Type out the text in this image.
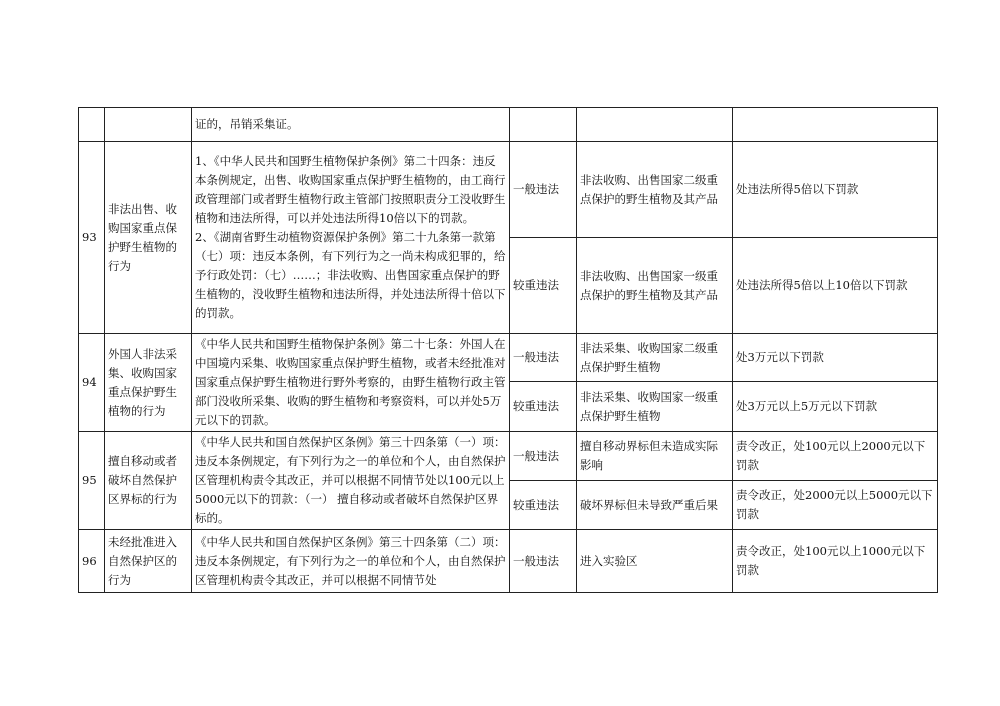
		证的，吊销采集证。			
93	非法出售、收购国家重点保护野生植物的行为	1、《中华人民共和国野生植物保护条例》第二十四条：违反本条例规定，出售、收购国家重点保护野生植物的，由工商行政管理部门或者野生植物行政主管部门按照职责分工没收野生植物和违法所得，可以并处违法所得10倍以下的罚款。
2、《湖南省野生动植物资源保护条例》第二十九条第一款第（七）项：违反本条例，有下列行为之一尚未构成犯罪的，给予行政处罚：（七）……；非法收购、出售国家重点保护的野生植物的，没收野生植物和违法所得，并处违法所得十倍以下的罚款。	一般违法	非法收购、出售国家二级重点保护的野生植物及其产品	处违法所得5倍以下罚款
			较重违法	非法收购、出售国家一级重点保护的野生植物及其产品	处违法所得5倍以上10倍以下罚款
94	外国人非法采集、收购国家重点保护野生植物的行为	《中华人民共和国野生植物保护条例》第二十七条：外国人在中国境内采集、收购国家重点保护野生植物，或者未经批准对国家重点保护野生植物进行野外考察的，由野生植物行政主管部门没收所采集、收购的野生植物和考察资料，可以并处5万元以下的罚款。	一般违法	非法采集、收购国家二级重点保护野生植物	处3万元以下罚款
			较重违法	非法采集、收购国家一级重点保护野生植物	处3万元以上5万元以下罚款
95	擅自移动或者破坏自然保护区界标的行为	《中华人民共和国自然保护区条例》第三十四条第（一）项：违反本条例规定，有下列行为之一的单位和个人，由自然保护区管理机构责令其改正，并可以根据不同情节处以100元以上5000元以下的罚款：（一） 擅自移动或者破坏自然保护区界标的。	一般违法	擅自移动界标但未造成实际影响	责令改正，处100元以上2000元以下罚款
			较重违法	破坏界标但未导致严重后果	责令改正，处2000元以上5000元以下罚款
96	未经批准进入自然保护区的行为	《中华人民共和国自然保护区条例》第三十四条第（二）项：违反本条例规定，有下列行为之一的单位和个人，由自然保护区管理机构责令其改正，并可以根据不同情节处	一般违法	进入实验区	责令改正，处100元以上1000元以下罚款
